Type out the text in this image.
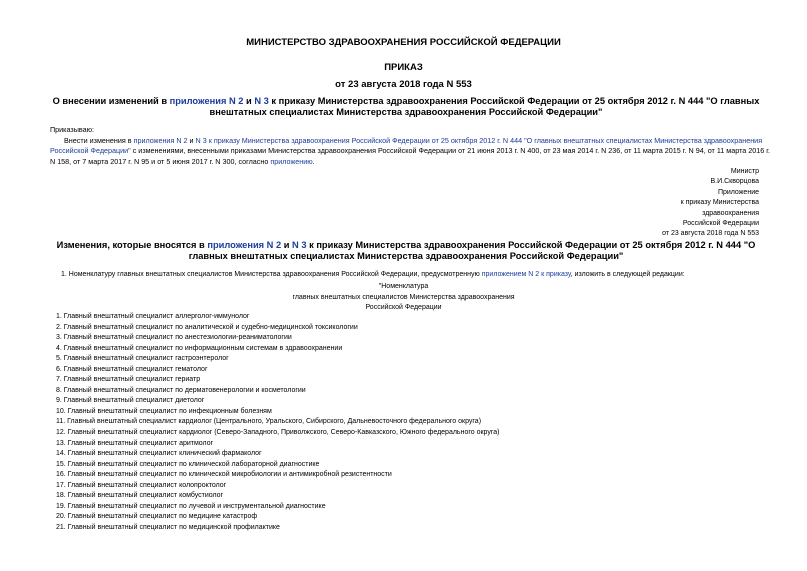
МИНИСТЕРСТВО ЗДРАВООХРАНЕНИЯ РОССИЙСКОЙ ФЕДЕРАЦИИ
ПРИКАЗ
от 23 августа 2018 года N 553
О внесении изменений в приложения N 2 и N 3 к приказу Министерства здравоохранения Российской Федерации от 25 октября 2012 г. N 444 "О главных внештатных специалистах Министерства здравоохранения Российской Федерации"
Приказываю:
Внести изменения в приложения N 2 и N 3 к приказу Министерства здравоохранения Российской Федерации от 25 октября 2012 г. N 444 "О главных внештатных специалистах Министерства здравоохранения Российской Федерации" с изменениями, внесенными приказами Министерства здравоохранения Российской Федерации от 21 июня 2013 г. N 400, от 23 мая 2014 г. N 236, от 11 марта 2015 г. N 94, от 11 марта 2016 г. N 158, от 7 марта 2017 г. N 95 и от 5 июня 2017 г. N 300, согласно приложению.
Министр
В.И.Скворцова
Приложение
к приказу Министерства
здравоохранения
Российской Федерации
от 23 августа 2018 года N 553
Изменения, которые вносятся в приложения N 2 и N 3 к приказу Министерства здравоохранения Российской Федерации от 25 октября 2012 г. N 444 "О главных внештатных специалистах Министерства здравоохранения Российской Федерации"
1. Номенклатуру главных внештатных специалистов Министерства здравоохранения Российской Федерации, предусмотренную приложением N 2 к приказу, изложить в следующей редакции:
"Номенклатура
главных внештатных специалистов Министерства здравоохранения
Российской Федерации
1. Главный внештатный специалист аллерголог-иммунолог
2. Главный внештатный специалист по аналитической и судебно-медицинской токсикологии
3. Главный внештатный специалист по анестезиологии-реаниматологии
4. Главный внештатный специалист по информационным системам в здравоохранении
5. Главный внештатный специалист гастроэнтеролог
6. Главный внештатный специалист гематолог
7. Главный внештатный специалист гериатр
8. Главный внештатный специалист по дерматовенерологии и косметологии
9. Главный внештатный специалист диетолог
10. Главный внештатный специалист по инфекционным болезням
11. Главный внештатный специалист кардиолог (Центрального, Уральского, Сибирского, Дальневосточного федерального округа)
12. Главный внештатный специалист кардиолог (Северо-Западного, Приволжского, Северо-Кавказского, Южного федерального округа)
13. Главный внештатный специалист аритмолог
14. Главный внештатный специалист клинический фармаколог
15. Главный внештатный специалист по клинической лабораторной диагностике
16. Главный внештатный специалист по клинической микробиологии и антимикробной резистентности
17. Главный внештатный специалист колопроктолог
18. Главный внештатный специалист комбустиолог
19. Главный внештатный специалист по лучевой и инструментальной диагностике
20. Главный внештатный специалист по медицине катастроф
21. Главный внештатный специалист по медицинской профилактике
